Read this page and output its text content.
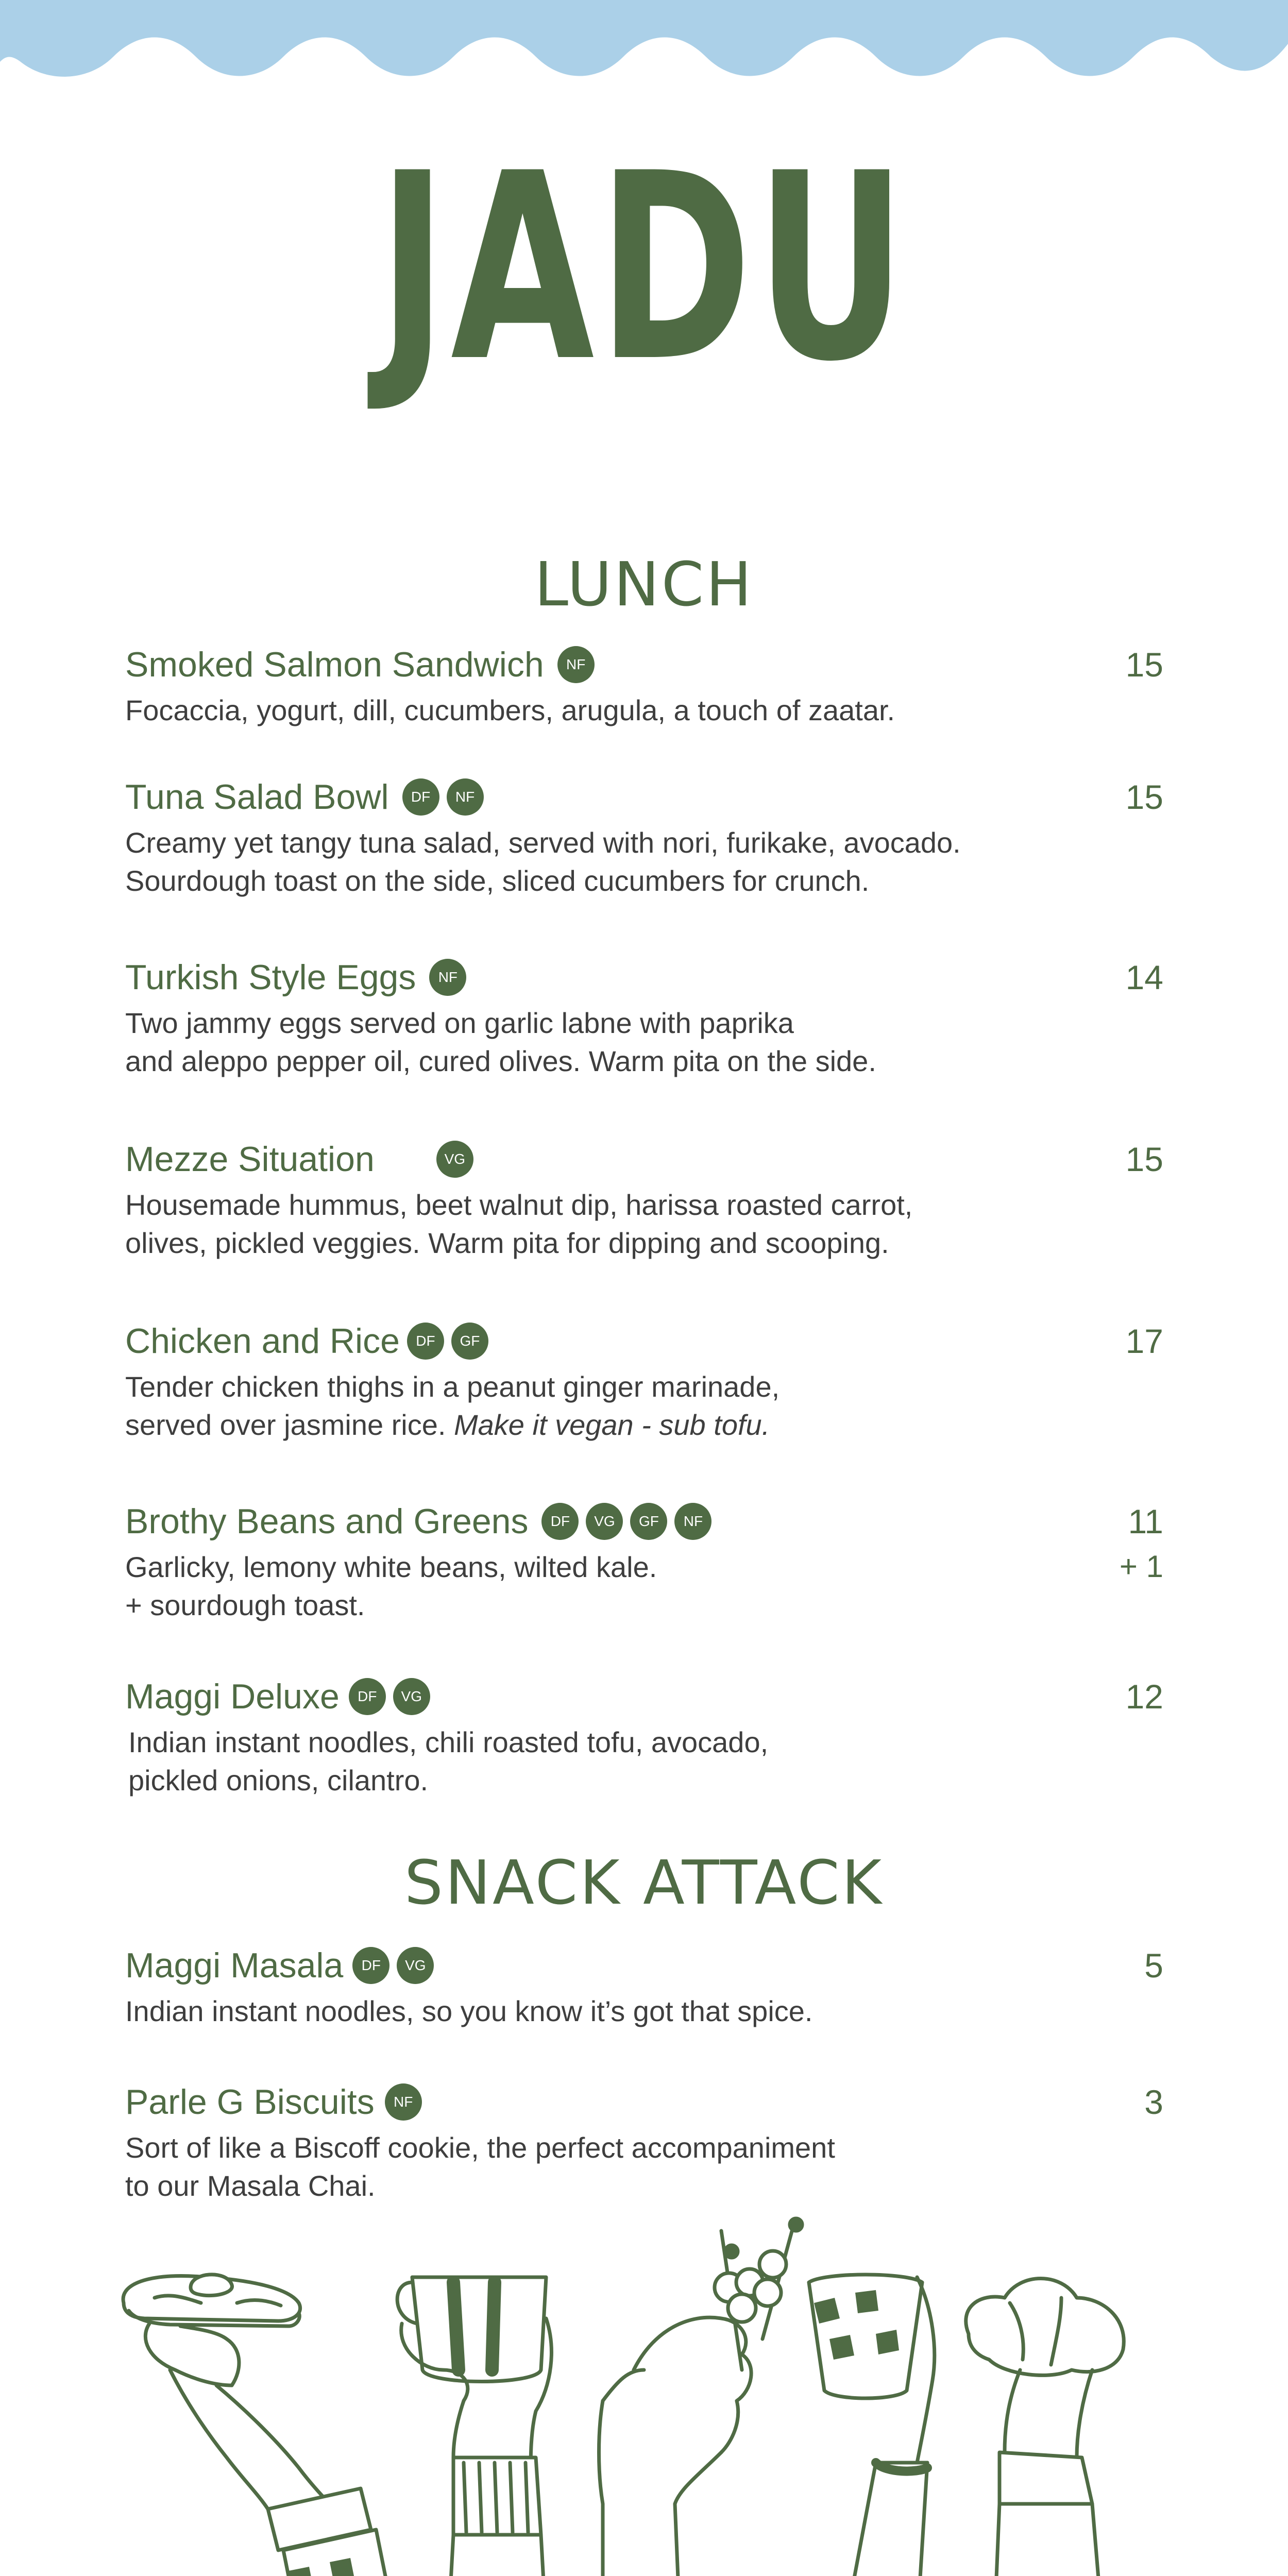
JADU
LUNCH
Smoked Salmon Sandwich	NF	15
Focaccia, yogurt, dill, cucumbers, arugula, a touch of zaatar.
Tuna Salad Bowl	DF	NF	15
Creamy yet tangy tuna salad, served with nori, furikake, avocado.
Sourdough toast on the side, sliced cucumbers for crunch.
Turkish Style Eggs	NF	14
Two jammy eggs served on garlic labne with paprika
and aleppo pepper oil, cured olives. Warm pita on the side.
Mezze Situation	VG	15
Housemade hummus, beet walnut dip, harissa roasted carrot,
olives, pickled veggies. Warm pita for dipping and scooping.
Chicken and Rice	DF	GF	17
Tender chicken thighs in a peanut ginger marinade,
served over jasmine rice. Make it vegan - sub tofu.
Brothy Beans and Greens	DF	VG	GF	NF	11
Garlicky, lemony white beans, wilted kale.
+ sourdough toast.
+ 1
Maggi Deluxe	DF	VG	12
Indian instant noodles, chili roasted tofu, avocado,
pickled onions, cilantro.
SNACK ATTACK
Maggi Masala	DF	VG	5
Indian instant noodles, so you know it’s got that spice.
Parle G Biscuits	NF	3
Sort of like a Biscoff cookie, the perfect accompaniment
to our Masala Chai.
